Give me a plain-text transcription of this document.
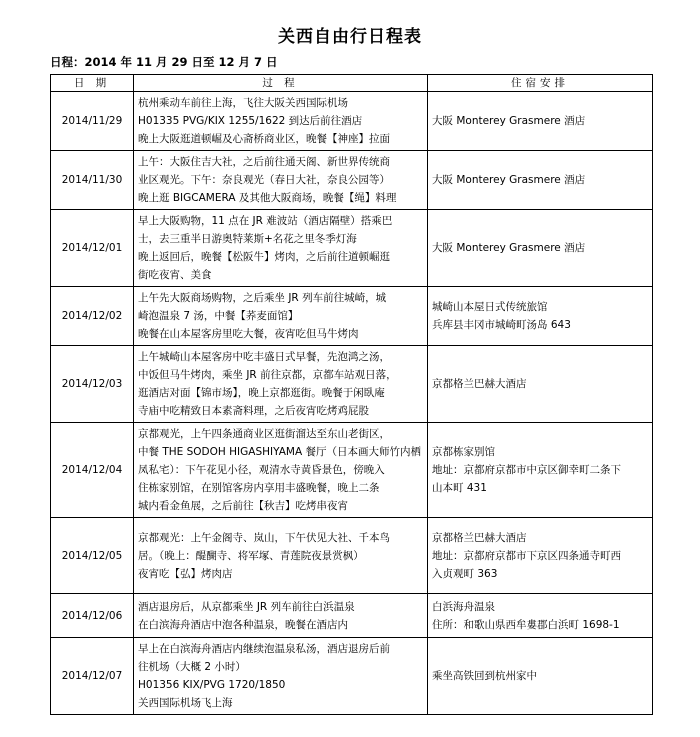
关西自由行日程表
日程：2014 年 11 月 29 日至 12 月 7 日
日 期	过 程	住宿安排
2014/11/29	杭州乘动车前往上海，飞往大阪关西国际机场
H01335 PVG/KIX 1255/1622 到达后前往酒店
晚上大阪逛道顿崛及心斋桥商业区，晚餐【神座】拉面	大阪 Monterey Grasmere 酒店

2014/11/30	上午：大阪住吉大社，之后前往通天阁、新世界传统商
业区观光。下午：奈良观光（春日大社，奈良公园等）
晚上逛 BIGCAMERA 及其他大阪商场，晚餐【绳】料理	大阪 Monterey Grasmere 酒店

2014/12/01	早上大阪购物，11 点在 JR 难波站（酒店隔壁）搭乘巴
士，去三重半日游奥特莱斯+名花之里冬季灯海
晚上返回后，晚餐【松阪牛】烤肉，之后前往道顿崛逛
街吃夜宵、美食	大阪 Monterey Grasmere 酒店

2014/12/02	上午先大阪商场购物，之后乘坐 JR 列车前往城崎，城
崎泡温泉 7 汤，中餐【荞麦面馆】
晚餐在山本屋客房里吃大餐，夜宵吃但马牛烤肉	城崎山本屋日式传统旅馆
兵库县丰冈市城崎町汤岛 643

2014/12/03	上午城崎山本屋客房中吃丰盛日式早餐，先泡鸿之汤，
中饭但马牛烤肉，乘坐 JR 前往京都，京都车站观日落，
逛酒店对面【锦市场】，晚上京都逛街。晚餐于闲臥庵
寺庙中吃精致日本素斋料理，之后夜宵吃烤鸡屁股	京都格兰巴赫大酒店

2014/12/04	京都观光，上午四条通商业区逛街溜达至东山老街区，
中餐 THE SODOH HIGASHIYAMA 餐厅（日本画大师竹内栖
凤私宅）：下午花见小径，观清水寺黄昏景色，傍晚入
住栋家别馆，在别馆客房内享用丰盛晚餐，晚上二条
城内看金鱼展，之后前往【秋吉】吃烤串夜宵	京都栋家别馆
地址：京都府京都市中京区御幸町二条下
山本町 431

2014/12/05	京都观光：上午金阁寺、岚山，下午伏见大社、千本鸟
居。（晚上：醍醐寺、将军塚、青莲院夜景赏枫）
夜宵吃【弘】烤肉店	京都格兰巴赫大酒店
地址：京都府京都市下京区四条通寺町西
入贞观町 363

2014/12/06	酒店退房后，从京都乘坐 JR 列车前往白浜温泉
在白滨海舟酒店中泡各种温泉，晚餐在酒店内	白浜海舟温泉
住所：和歌山県西牟婁郡白浜町 1698-1

2014/12/07	早上在白滨海舟酒店内继续泡温泉私汤，酒店退房后前
往机场（大概 2 小时）
H01356 KIX/PVG 1720/1850
关西国际机场飞上海	乘坐高铁回到杭州家中
